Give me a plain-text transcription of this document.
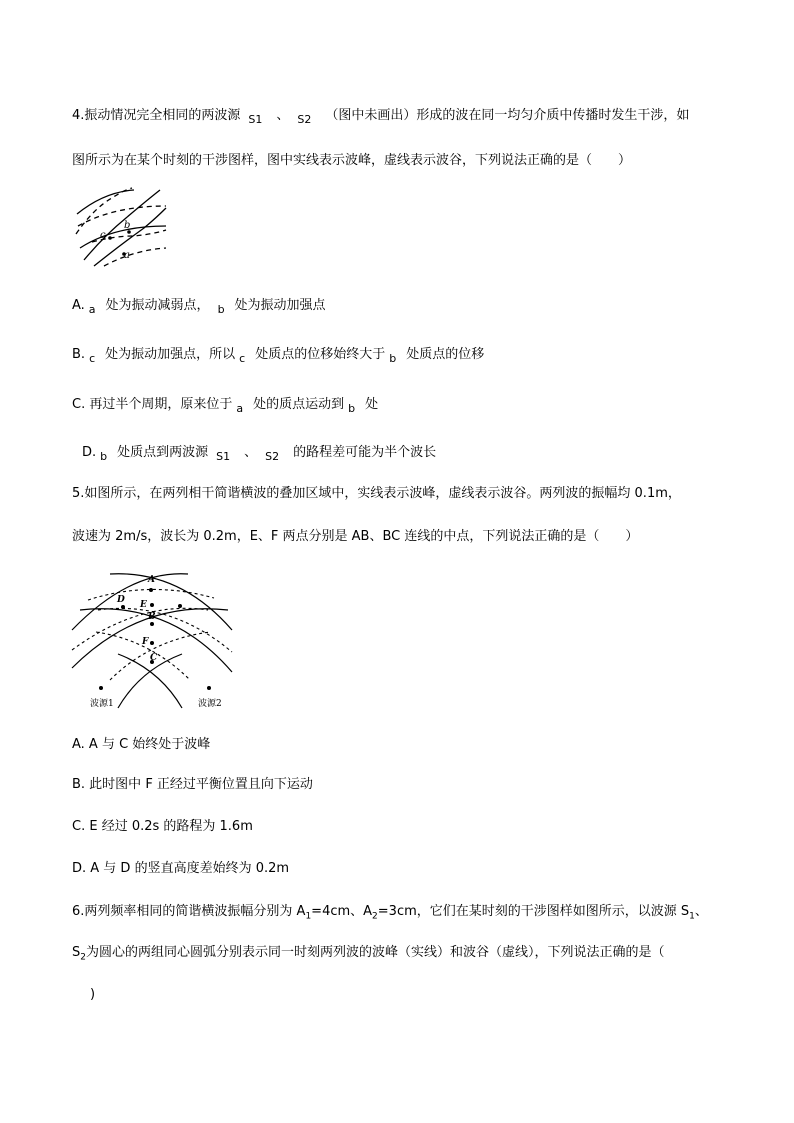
4.振动情况完全相同的两波源 $_{S1}$ 、 $_{S2}$ （图中未画出）形成的波在同一均匀介质中传播时发生干涉，如
图所示为在某个时刻的干涉图样，图中实线表示波峰，虚线表示波谷，下列说法正确的是（　　）
b
c
a
A. $_a$ 处为振动减弱点， $_b$ 处为振动加强点
B. $_c$ 处为振动加强点，所以 $_c$ 处质点的位移始终大于 $_b$ 处质点的位移
C. 再过半个周期，原来位于 $_a$ 处的质点运动到 $_b$ 处
D. $_b$ 处质点到两波源 $_{S1}$ 、 $_{S2}$ 的路程差可能为半个波长
5.如图所示，在两列相干简谐横波的叠加区域中，实线表示波峰，虚线表示波谷。两列波的振幅均 0.1m，
波速为 2m/s，波长为 0.2m，E、F 两点分别是 AB、BC 连线的中点，下列说法正确的是（　　）
A
D E
B
F
C
波源1	波源2
A. A 与 C 始终处于波峰
B. 此时图中 F 正经过平衡位置且向下运动
C. E 经过 0.2s 的路程为 1.6m
D. A 与 D 的竖直高度差始终为 0.2m
6.两列频率相同的简谐横波振幅分别为 $A_1=4cm$、$A_2=3cm$，它们在某时刻的干涉图样如图所示，以波源 $S_1$、
$S_2$为圆心的两组同心圆弧分别表示同一时刻两列波的波峰（实线）和波谷（虚线），下列说法正确的是（
)
